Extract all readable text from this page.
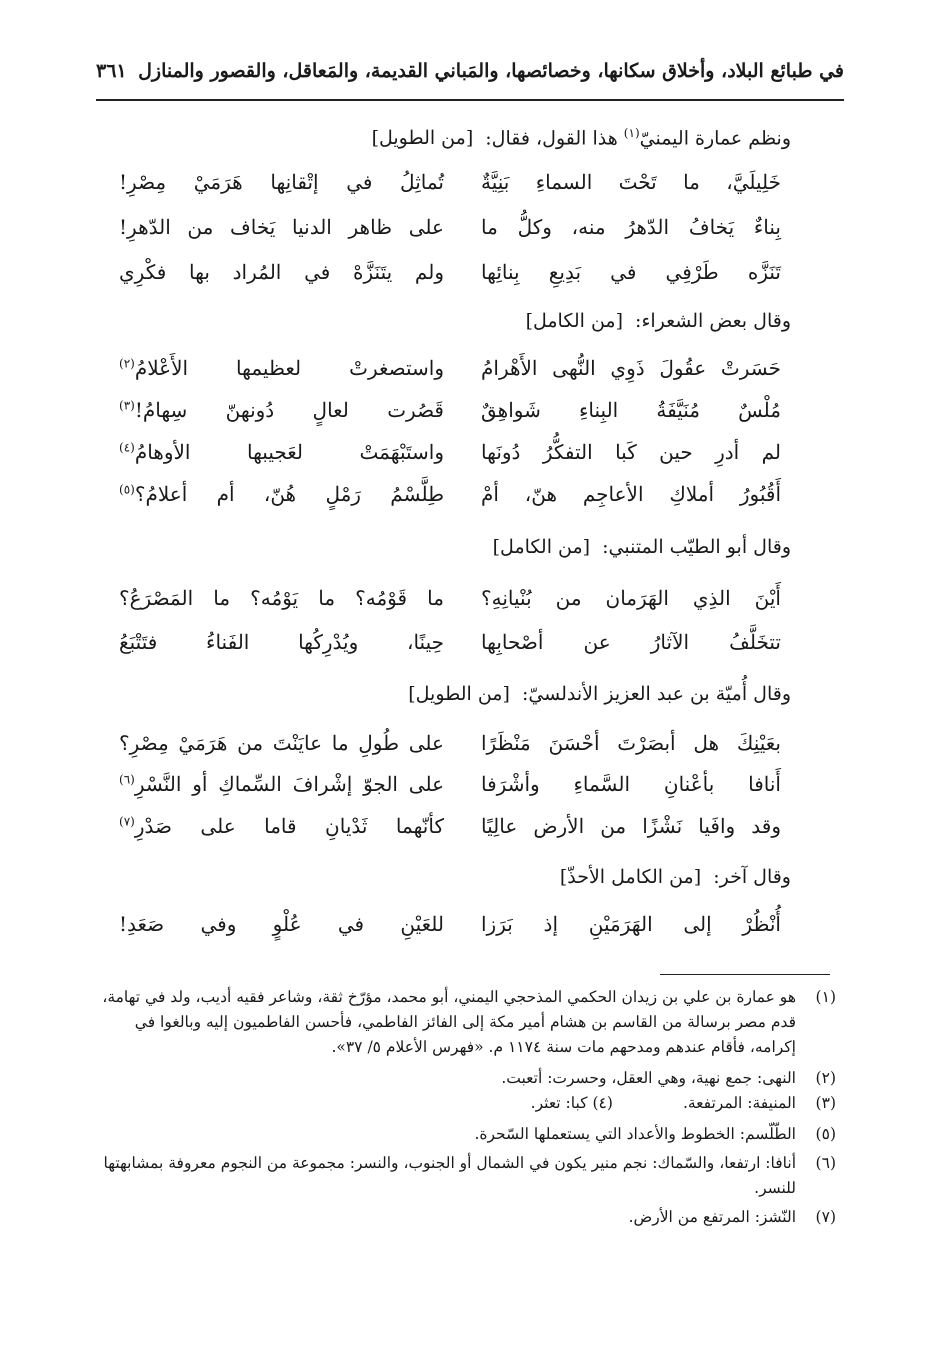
في طبائع البلاد، وأخلاق سكانها، وخصائصها، والمَباني القديمة، والمَعاقل، والقصور والمنازل
٣٦١
ونظم عمارة اليمنيّ$^{(١)}$ هذا القول، فقال: [من الطويل]
خَلِيلَيَّ، ما تَحْتَ السماءِ بَنِيَّةٌ
تُماثِلُ في إتْقانِها هَرَمَيْ مِصْرِ!
بِناءٌ يَخافُ الدّهرُ منه، وكلُّ ما
على ظاهر الدنيا يَخاف من الدّهرِ!
تَنَزَّه طَرْفِي في بَدِيعِ بِنائِها
ولم يتَنَزَّهْ في المُراد بها فكْرِي
وقال بعض الشعراء: [من الكامل]
حَسَرتْ عقُولَ ذَوِي النُّهى الأَهْرامُ
واستصغرتْ لعظيمها الأَعْلامُ$^{(٢)}$
مُلْسٌ مُنَيَّفَةُ البِناءِ شَواهِقٌ
قَصُرت لعالٍ دُونهنّ سِهامُ!$^{(٣)}$
لم أدرِ حين كَبا التفكُّرُ دُونَها
واستَبْهَمَتْ لعَجيبها الأوهامُ$^{(٤)}$
أَقُبُورُ أملاكِ الأعاجِم هنّ، أمْ
طِلَّسْمُ رَمْلٍ هُنّ، أم أعلامُ؟$^{(٥)}$
وقال أبو الطيّب المتنبي: [من الكامل]
أَيْنَ الذِي الهَرَمان من بُنْيانِهِ؟
ما قَوْمُه؟ ما يَوْمُه؟ ما المَصْرَعُ؟
تتخَلَّفُ الآثارُ عن أصْحابِها
حِينًا، ويُدْرِكُها الفَناءُ فتَتْبَعُ
وقال أُميّة بن عبد العزيز الأندلسيّ: [من الطويل]
بعَيْنِكَ هل أبصَرْتَ أحْسَنَ مَنْظَرًا
على طُولِ ما عايَنْتَ من هَرَمَيْ مِصْرِ؟
أَنافا بأعْنانِ السَّماءِ وأشْرَفا
على الجوّ إشْرافَ السِّماكِ أو النَّسْرِ$^{(٦)}$
وقد وافَيا نَشْزًا من الأرض عالِيًا
كأنّهما ثَدْيانِ قاما على صَدْرِ$^{(٧)}$
وقال آخر: [من الكامل الأحذّ]
أُنْظُرْ إلى الهَرَمَيْنِ إذ بَرَزا
للعَيْنِ في عُلْوٍ وفي صَعَدِ!

(١)
هو عمارة بن علي بن زيدان الحكمي المذحجي اليمني، أبو محمد، مؤرّخ ثقة، وشاعر فقيه أديب، ولد في تهامة، قدم مصر برسالة من القاسم بن هشام أمير مكة إلى الفائز الفاطمي، فأحسن الفاطميون إليه وبالغوا في إكرامه، فأقام عندهم ومدحهم مات سنة ١١٧٤ م. «فهرس الأعلام ٥/ ٣٧».

(٢)
النهى: جمع نهية، وهي العقل، وحسرت: أتعبت.

(٣)
المنيفة: المرتفعة.
(٤) كبا: تعثر.

(٥)
الطّلّسم: الخطوط والأعداد التي يستعملها السّحرة.

(٦)
أنافا: ارتفعا، والسّماك: نجم منير يكون في الشمال أو الجنوب، والنسر: مجموعة من النجوم معروفة بمشابهتها للنسر.

(٧)
النّشز: المرتفع من الأرض.
